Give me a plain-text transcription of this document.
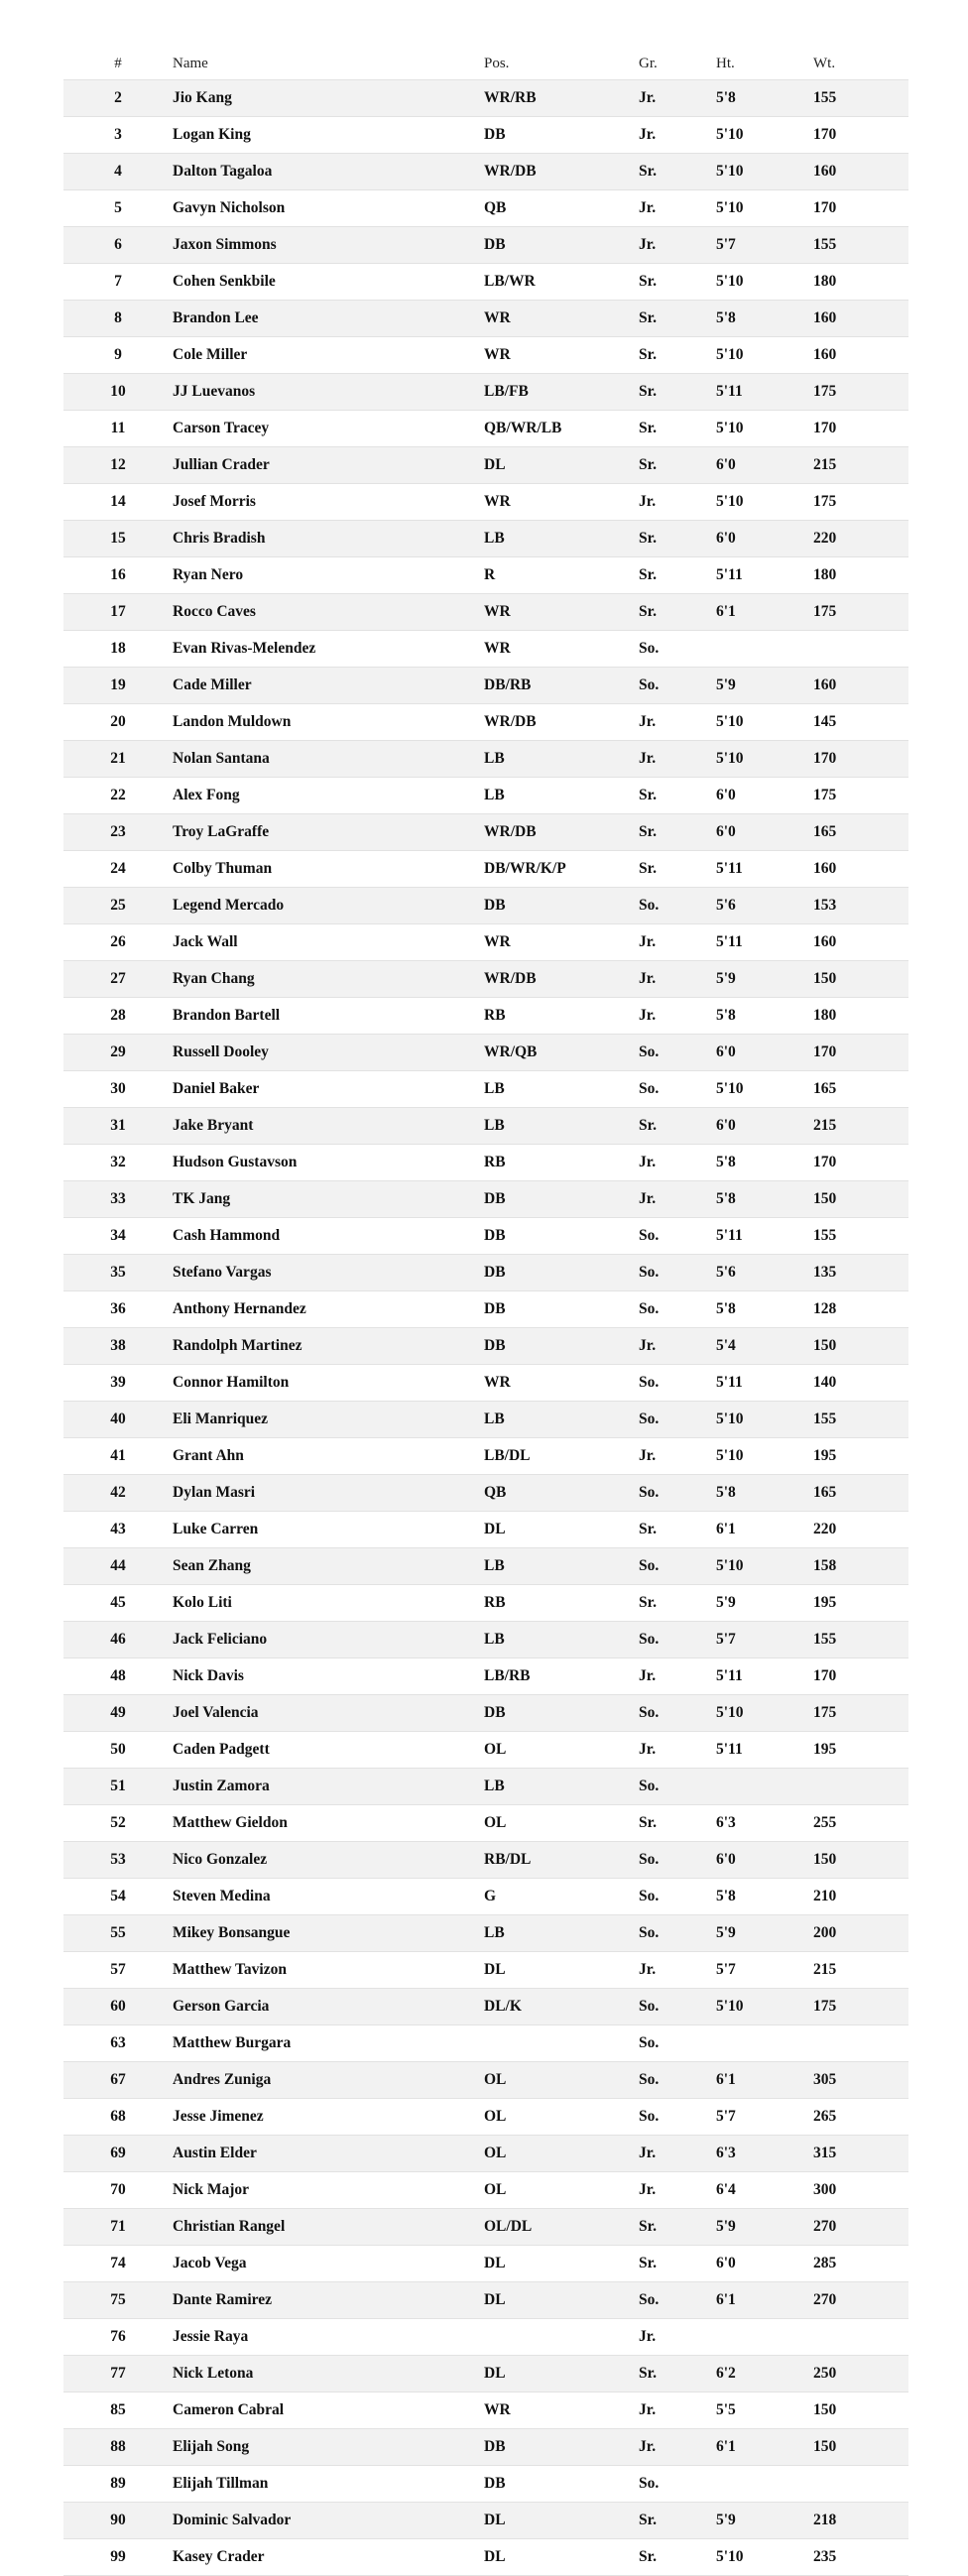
#	Name	Pos.	Gr.	Ht.	Wt.
2	Jio Kang	WR/RB	Jr.	5'8	155
3	Logan King	DB	Jr.	5'10	170
4	Dalton Tagaloa	WR/DB	Sr.	5'10	160
5	Gavyn Nicholson	QB	Jr.	5'10	170
6	Jaxon Simmons	DB	Jr.	5'7	155
7	Cohen Senkbile	LB/WR	Sr.	5'10	180
8	Brandon Lee	WR	Sr.	5'8	160
9	Cole Miller	WR	Sr.	5'10	160
10	JJ Luevanos	LB/FB	Sr.	5'11	175
11	Carson Tracey	QB/WR/LB	Sr.	5'10	170
12	Jullian Crader	DL	Sr.	6'0	215
14	Josef Morris	WR	Jr.	5'10	175
15	Chris Bradish	LB	Sr.	6'0	220
16	Ryan Nero	R	Sr.	5'11	180
17	Rocco Caves	WR	Sr.	6'1	175
18	Evan Rivas-Melendez	WR	So.		
19	Cade Miller	DB/RB	So.	5'9	160
20	Landon Muldown	WR/DB	Jr.	5'10	145
21	Nolan Santana	LB	Jr.	5'10	170
22	Alex Fong	LB	Sr.	6'0	175
23	Troy LaGraffe	WR/DB	Sr.	6'0	165
24	Colby Thuman	DB/WR/K/P	Sr.	5'11	160
25	Legend Mercado	DB	So.	5'6	153
26	Jack Wall	WR	Jr.	5'11	160
27	Ryan Chang	WR/DB	Jr.	5'9	150
28	Brandon Bartell	RB	Jr.	5'8	180
29	Russell Dooley	WR/QB	So.	6'0	170
30	Daniel Baker	LB	So.	5'10	165
31	Jake Bryant	LB	Sr.	6'0	215
32	Hudson Gustavson	RB	Jr.	5'8	170
33	TK Jang	DB	Jr.	5'8	150
34	Cash Hammond	DB	So.	5'11	155
35	Stefano Vargas	DB	So.	5'6	135
36	Anthony Hernandez	DB	So.	5'8	128
38	Randolph Martinez	DB	Jr.	5'4	150
39	Connor Hamilton	WR	So.	5'11	140
40	Eli Manriquez	LB	So.	5'10	155
41	Grant Ahn	LB/DL	Jr.	5'10	195
42	Dylan Masri	QB	So.	5'8	165
43	Luke Carren	DL	Sr.	6'1	220
44	Sean Zhang	LB	So.	5'10	158
45	Kolo Liti	RB	Sr.	5'9	195
46	Jack Feliciano	LB	So.	5'7	155
48	Nick Davis	LB/RB	Jr.	5'11	170
49	Joel Valencia	DB	So.	5'10	175
50	Caden Padgett	OL	Jr.	5'11	195
51	Justin Zamora	LB	So.		
52	Matthew Gieldon	OL	Sr.	6'3	255
53	Nico Gonzalez	RB/DL	So.	6'0	150
54	Steven Medina	G	So.	5'8	210
55	Mikey Bonsangue	LB	So.	5'9	200
57	Matthew Tavizon	DL	Jr.	5'7	215
60	Gerson Garcia	DL/K	So.	5'10	175
63	Matthew Burgara		So.		
67	Andres Zuniga	OL	So.	6'1	305
68	Jesse Jimenez	OL	So.	5'7	265
69	Austin Elder	OL	Jr.	6'3	315
70	Nick Major	OL	Jr.	6'4	300
71	Christian Rangel	OL/DL	Sr.	5'9	270
74	Jacob Vega	DL	Sr.	6'0	285
75	Dante Ramirez	DL	So.	6'1	270
76	Jessie Raya		Jr.		
77	Nick Letona	DL	Sr.	6'2	250
85	Cameron Cabral	WR	Jr.	5'5	150
88	Elijah Song	DB	Jr.	6'1	150
89	Elijah Tillman	DB	So.		
90	Dominic Salvador	DL	Sr.	5'9	218
99	Kasey Crader	DL	Sr.	5'10	235
